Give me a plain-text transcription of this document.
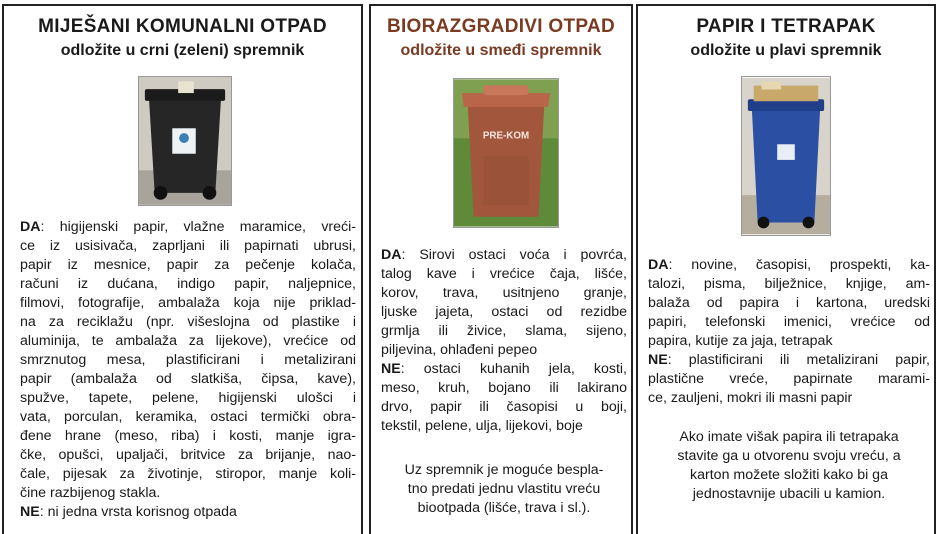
MIJEŠANI KOMUNALNI OTPAD
odložite u crni (zeleni) spremnik
DA: higijenski papir, vlažne maramice, vreći-
ce iz usisivača, zaprljani ili papirnati ubrusi,
papir iz mesnice, papir za pečenje kolača,
računi iz dućana, indigo papir, naljepnice,
filmovi, fotografije, ambalaža koja nije priklad-
na za reciklažu (npr. višeslojna od plastike i
aluminija, te ambalaža za lijekove), vrećice od
smrznutog mesa, plastificirani i metalizirani
papir (ambalaža od slatkiša, čipsa, kave),
spužve, tapete, pelene, higijenski ulošci i
vata, porculan, keramika, ostaci termički obra-
đene hrane (meso, riba) i kosti, manje igra-
čke, opušci, upaljači, britvice za brijanje, nao-
čale, pijesak za životinje, stiropor, manje koli-
čine razbijenog stakla.
NE: ni jedna vrsta korisnog otpada
BIORAZGRADIVI OTPAD
odložite u smeđi spremnik
PRE-KOM
DA: Sirovi ostaci voća i povrća,
talog kave i vrećice čaja, lišće,
korov, trava, usitnjeno granje,
ljuske jajeta, ostaci od rezidbe
grmlja ili živice, slama, sijeno,
piljevina, ohlađeni pepeo
NE: ostaci kuhanih jela, kosti,
meso, kruh, bojano ili lakirano
drvo, papir ili časopisi u boji,
tekstil, pelene, ulja, lijekovi, boje
Uz spremnik je moguće bespla-
tno predati jednu vlastitu vreću
biootpada (lišće, trava i sl.).
PAPIR I TETRAPAK
odložite u plavi spremnik
DA: novine, časopisi, prospekti, ka-
talozi, pisma, bilježnice, knjige, am-
balaža od papira i kartona, uredski
papiri, telefonski imenici, vrećice od
papira, kutije za jaja, tetrapak
NE: plastificirani ili metalizirani papir,
plastične vreće, papirnate marami-
ce, zauljeni, mokri ili masni papir
Ako imate višak papira ili tetrapaka
stavite ga u otvorenu svoju vreću, a
karton možete složiti kako bi ga
jednostavnije ubacili u kamion.
